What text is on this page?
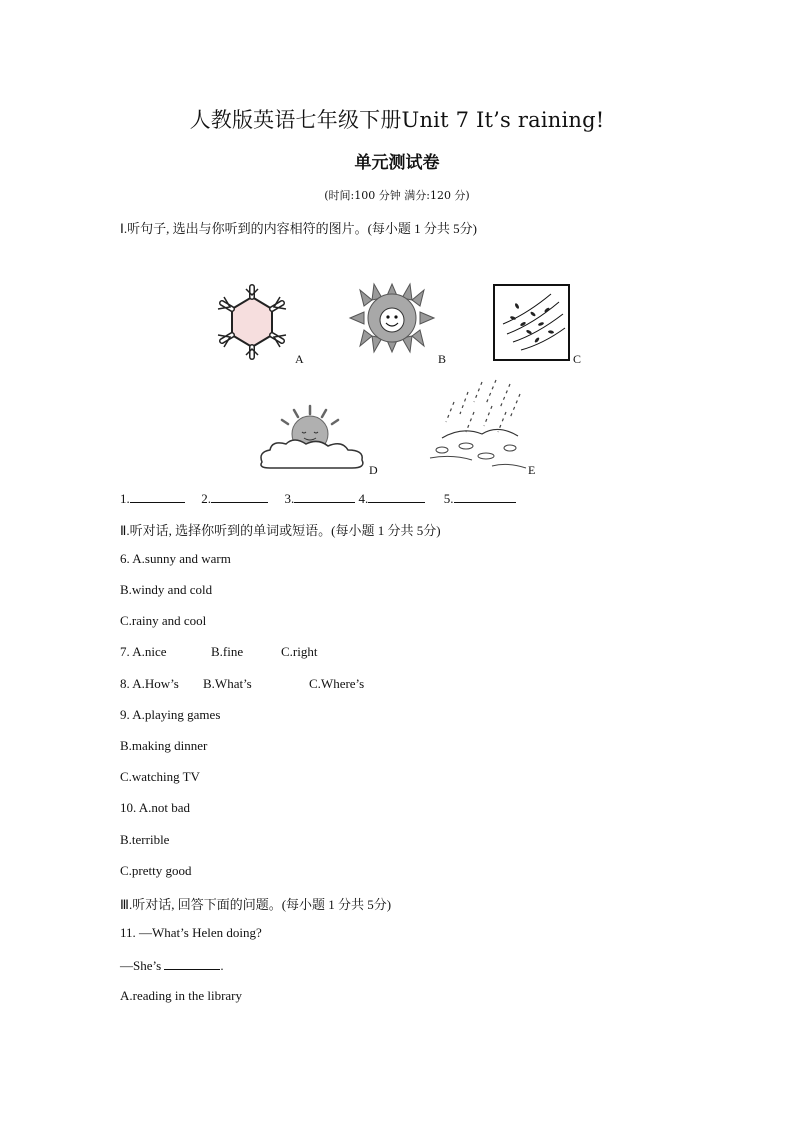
人教版英语七年级下册Unit 7 It’s raining!
单元测试卷
(时间:100 分钟 满分:120 分)
Ⅰ.听句子, 选出与你听到的内容相符的图片。(每小题 1 分共 5分)
A	B	C
D	E
1.	2.	3.	4.	5.
Ⅱ.听对话, 选择你听到的单词或短语。(每小题 1 分共 5分)
6. A.sunny and warm
B.windy and cold
C.rainy and cool
7. A.nice	B.fine	C.right
8. A.How’s B.What’s	C.Where’s
9. A.playing games
B.making dinner
C.watching TV
10. A.not bad
B.terrible
C.pretty good
Ⅲ.听对话, 回答下面的问题。(每小题 1 分共 5分)
11. —What’s Helen doing?
—She’s	.
A.reading in the library
